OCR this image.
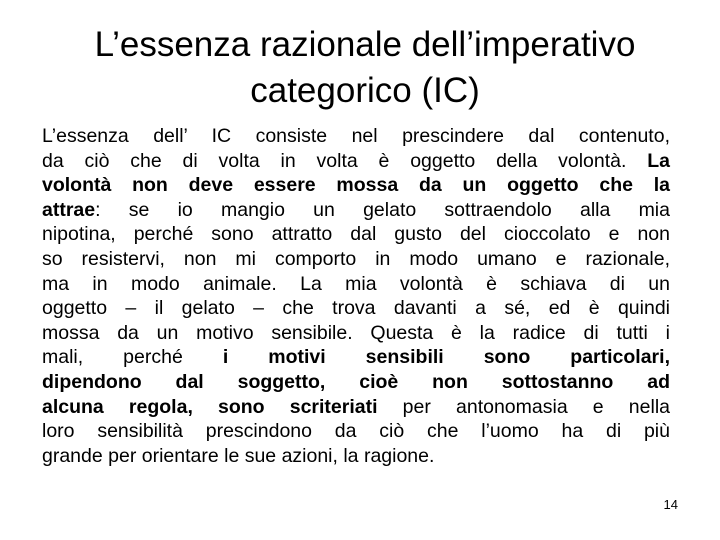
L’essenza razionale dell’imperativo
categorico (IC)
L’essenza dell’ IC consiste nel prescindere dal contenuto,
da ciò che di volta in volta è oggetto della volontà. La
volontà non deve essere mossa da un oggetto che la
attrae: se io mangio un gelato sottraendolo alla mia
nipotina, perché sono attratto dal gusto del cioccolato e non
so resistervi, non mi comporto in modo umano e razionale,
ma in modo animale. La mia volontà è schiava di un
oggetto – il gelato – che trova davanti a sé, ed è quindi
mossa da un motivo sensibile. Questa è la radice di tutti i
mali, perché i motivi sensibili sono particolari,
dipendono dal soggetto, cioè non sottostanno ad
alcuna regola, sono scriteriati per antonomasia e nella
loro sensibilità prescindono da ciò che l’uomo ha di più
grande per orientare le sue azioni, la ragione.
14
